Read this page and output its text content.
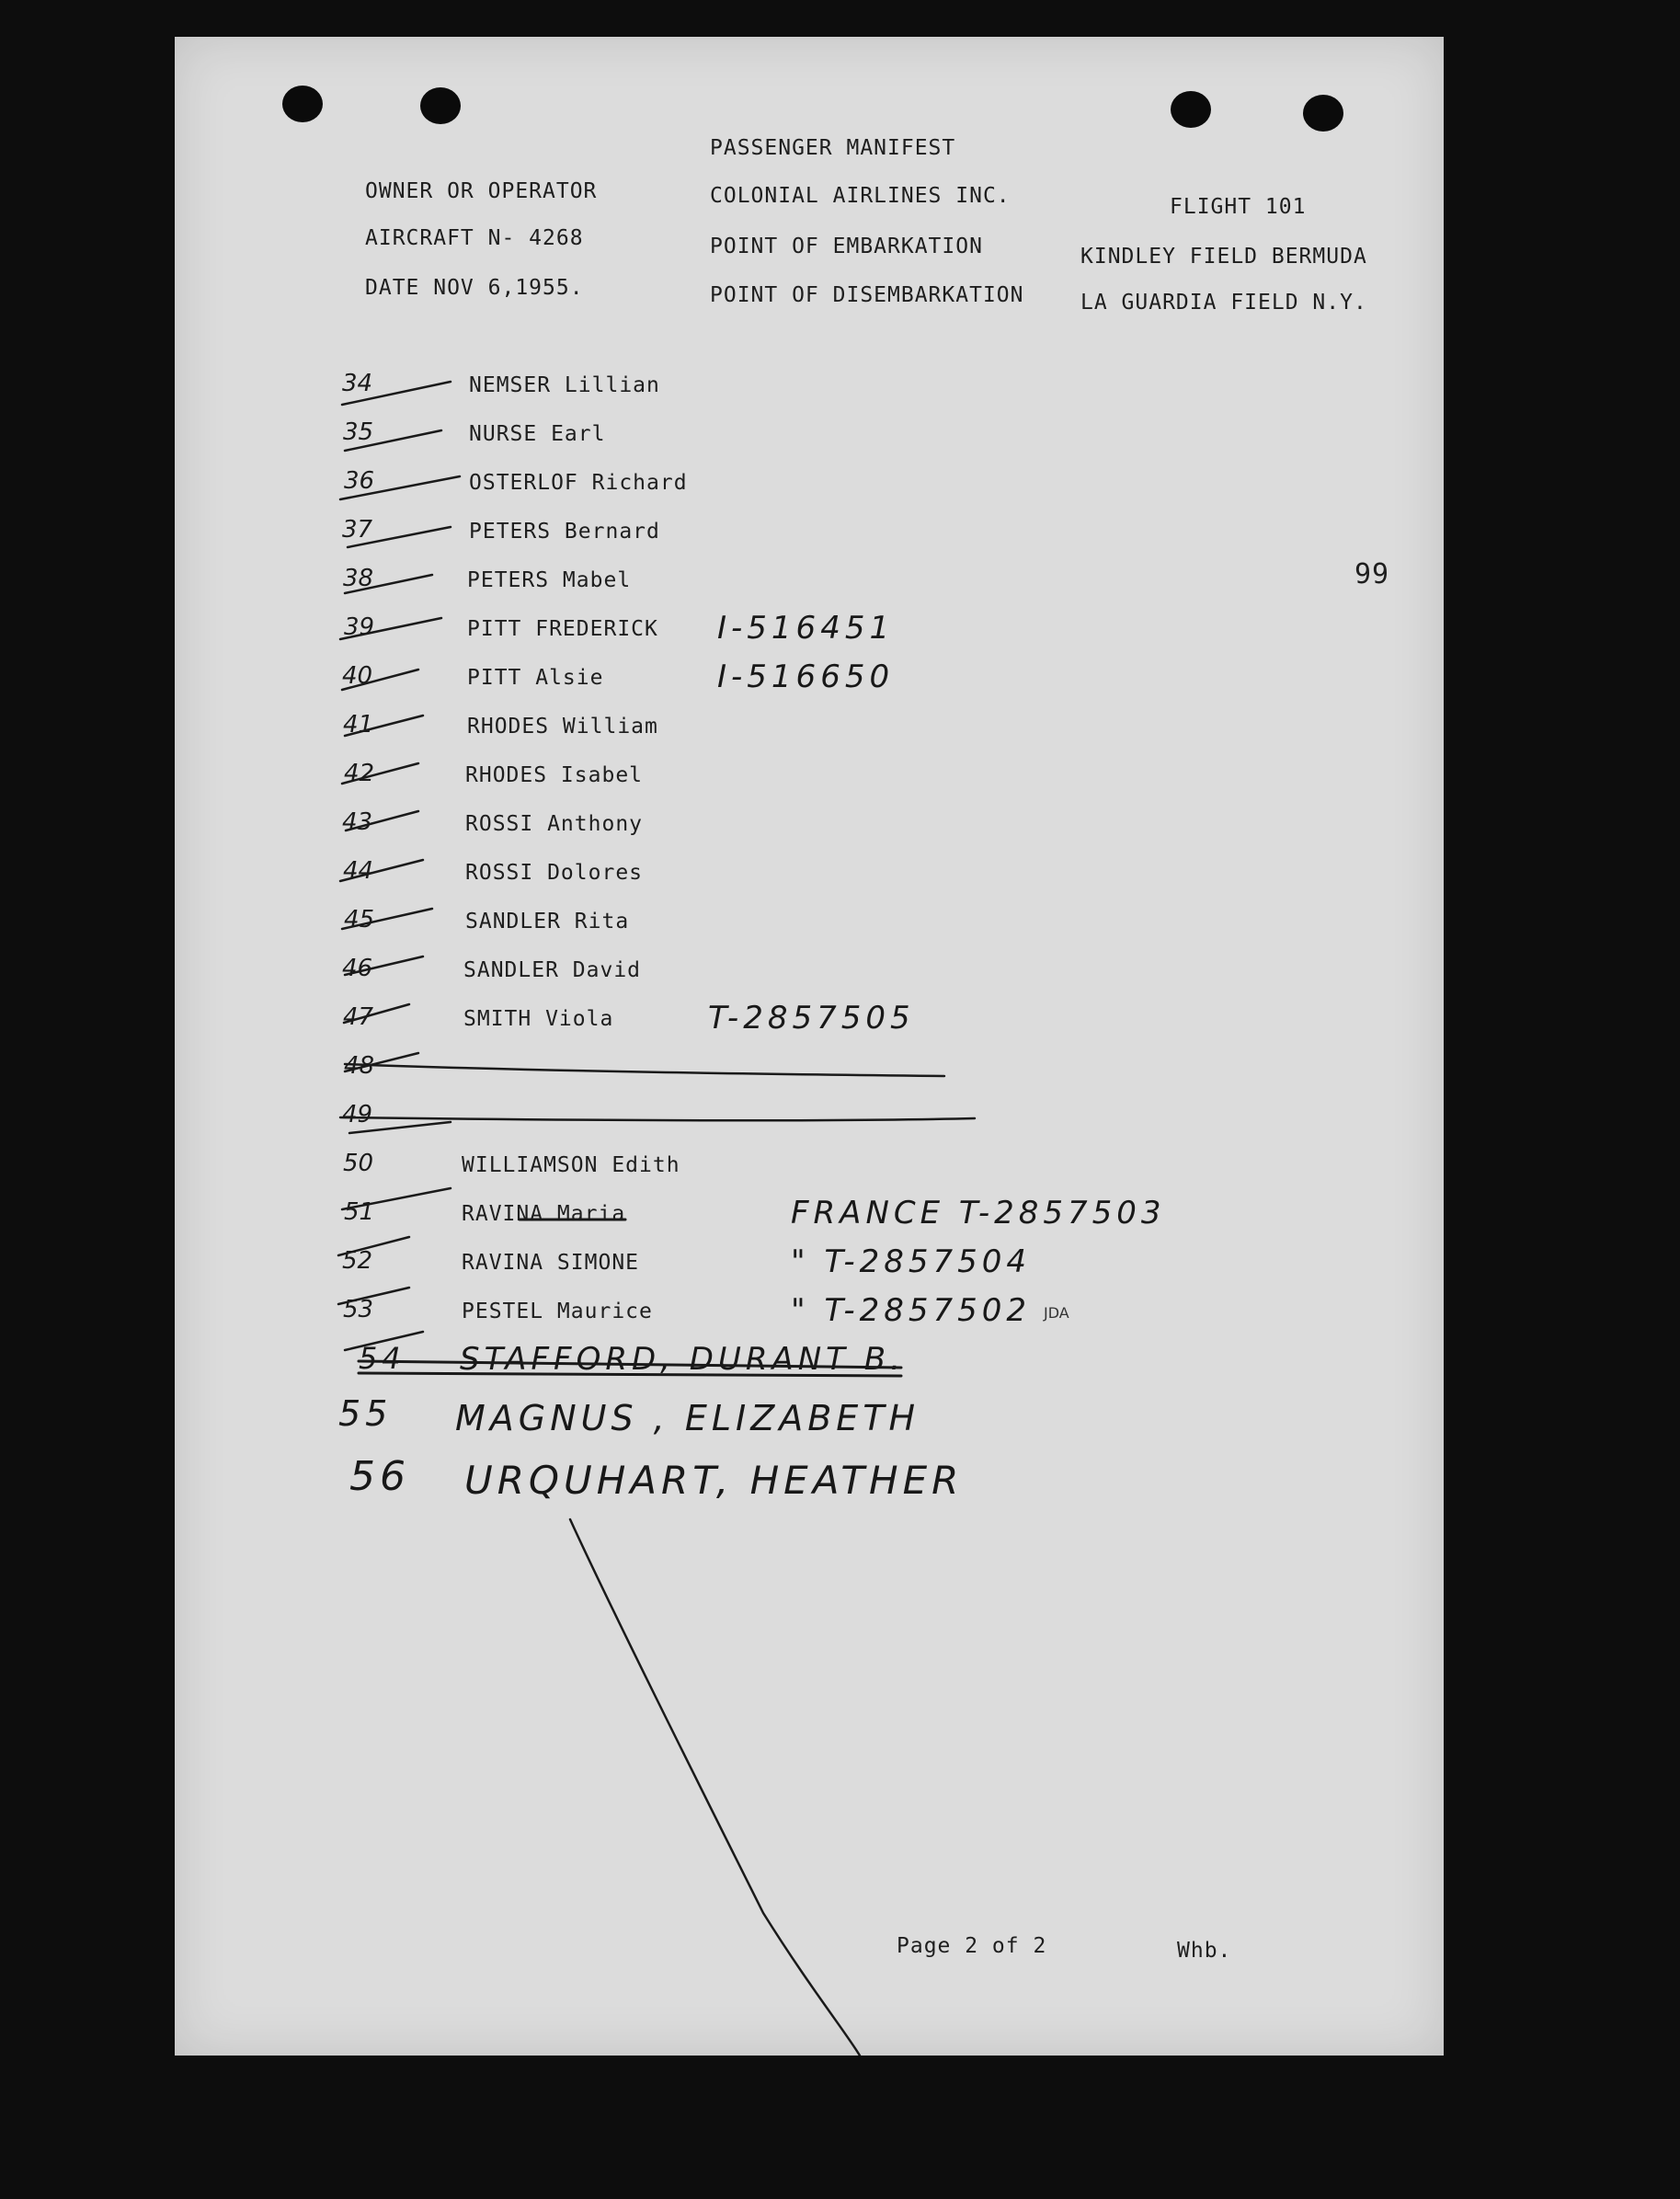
PASSENGER MANIFEST
OWNER OR OPERATOR	COLONIAL AIRLINES INC.	FLIGHT 101
AIRCRAFT N- 4268	POINT OF EMBARKATION	KINDLEY FIELD BERMUDA
DATE NOV 6,1955.	POINT OF DISEMBARKATION	LA GUARDIA FIELD N.Y.
99
34	NEMSER Lillian
35	NURSE Earl
36	OSTERLOF Richard
37	PETERS Bernard
38	PETERS Mabel
39	PITT FREDERICK I-516451
40	PITT Alsie	I-516650
41	RHODES William
42	RHODES Isabel
43	ROSSI Anthony
44	ROSSI Dolores
45	SANDLER Rita
46	SANDLER David
47	SMITH Viola	T-2857505
48
49
50	WILLIAMSON Edith
51	RAVINA Maria	FRANCE T-2857503
52	RAVINA SIMONE	" T-2857504
53	PESTEL Maurice	" T-2857502
54 STAFFORD, DURANT B.
55 MAGNUS , ELIZABETH
56 URQUHART, HEATHER
JDA
Page 2 of 2	Whb.
